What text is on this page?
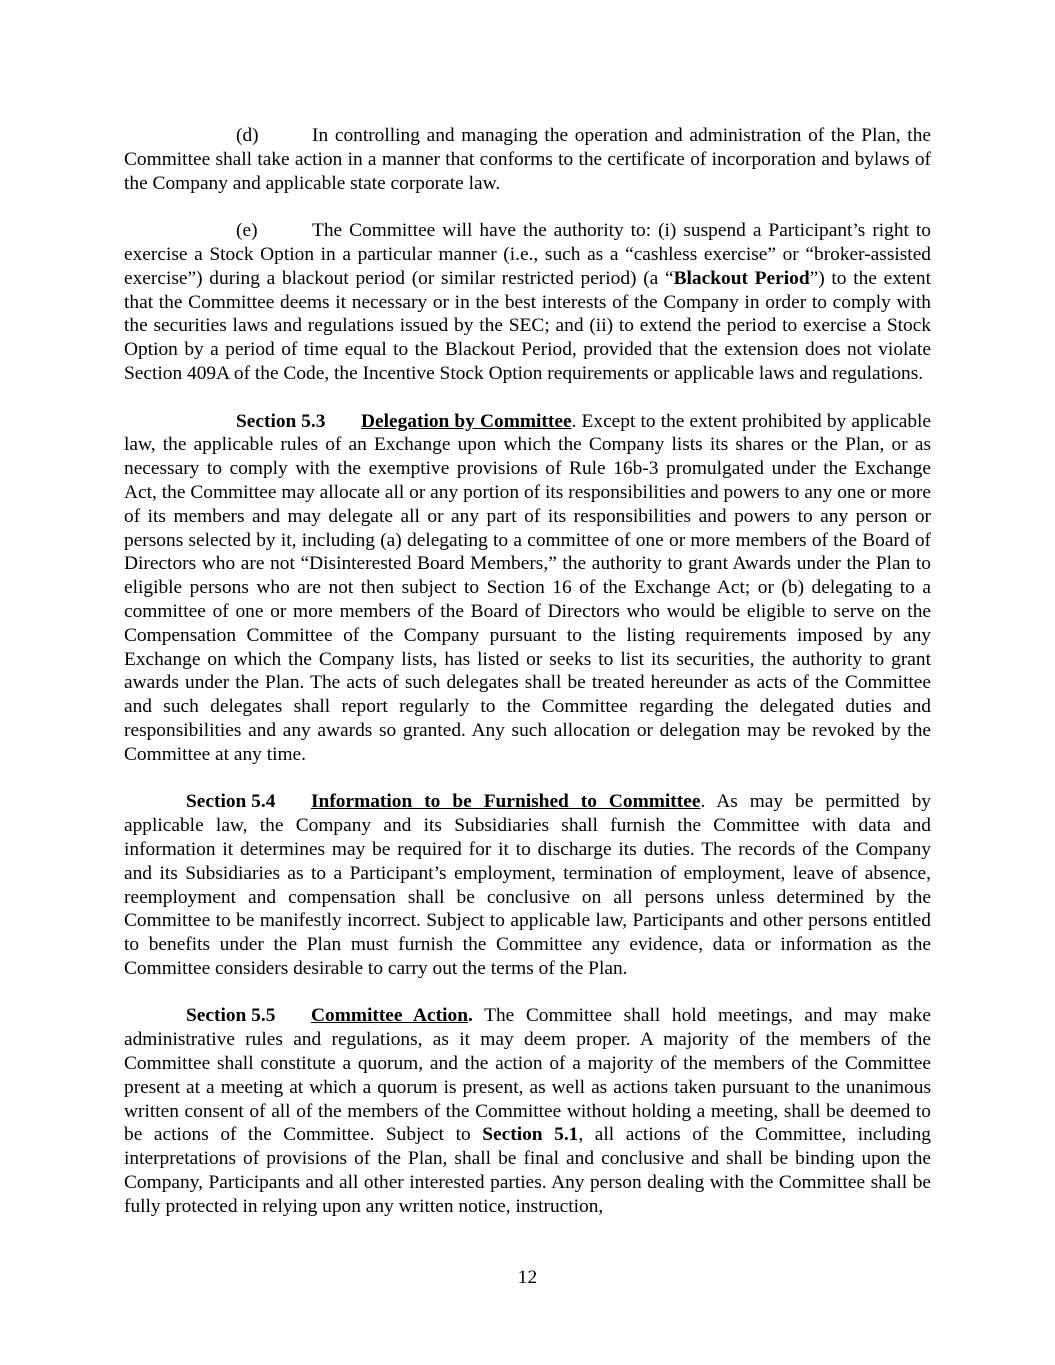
(d)	In controlling and managing the operation and administration of the Plan, the Committee shall take action in a manner that conforms to the certificate of incorporation and bylaws of the Company and applicable state corporate law.

(e)	The Committee will have the authority to: (i) suspend a Participant’s right to exercise a Stock Option in a particular manner (i.e., such as a “cashless exercise” or “broker-assisted exercise”) during a blackout period (or similar restricted period) (a “Blackout Period”) to the extent that the Committee deems it necessary or in the best interests of the Company in order to comply with the securities laws and regulations issued by the SEC; and (ii) to extend the period to exercise a Stock Option by a period of time equal to the Blackout Period, provided that the extension does not violate Section 409A of the Code, the Incentive Stock Option requirements or applicable laws and regulations.

Section 5.3 Delegation by Committee. Except to the extent prohibited by applicable law, the applicable rules of an Exchange upon which the Company lists its shares or the Plan, or as necessary to comply with the exemptive provisions of Rule 16b-3 promulgated under the Exchange Act, the Committee may allocate all or any portion of its responsibilities and powers to any one or more of its members and may delegate all or any part of its responsibilities and powers to any person or persons selected by it, including (a) delegating to a committee of one or more members of the Board of Directors who are not “Disinterested Board Members,” the authority to grant Awards under the Plan to eligible persons who are not then subject to Section 16 of the Exchange Act; or (b) delegating to a committee of one or more members of the Board of Directors who would be eligible to serve on the Compensation Committee of the Company pursuant to the listing requirements imposed by any Exchange on which the Company lists, has listed or seeks to list its securities, the authority to grant awards under the Plan. The acts of such delegates shall be treated hereunder as acts of the Committee and such delegates shall report regularly to the Committee regarding the delegated duties and responsibilities and any awards so granted. Any such allocation or delegation may be revoked by the Committee at any time.

Section 5.4 Information to be Furnished to Committee. As may be permitted by applicable law, the Company and its Subsidiaries shall furnish the Committee with data and information it determines may be required for it to discharge its duties. The records of the Company and its Subsidiaries as to a Participant’s employment, termination of employment, leave of absence, reemployment and compensation shall be conclusive on all persons unless determined by the Committee to be manifestly incorrect. Subject to applicable law, Participants and other persons entitled to benefits under the Plan must furnish the Committee any evidence, data or information as the Committee considers desirable to carry out the terms of the Plan.

Section 5.5 Committee Action. The Committee shall hold meetings, and may make administrative rules and regulations, as it may deem proper. A majority of the members of the Committee shall constitute a quorum, and the action of a majority of the members of the Committee present at a meeting at which a quorum is present, as well as actions taken pursuant to the unanimous written consent of all of the members of the Committee without holding a meeting, shall be deemed to be actions of the Committee. Subject to Section 5.1, all actions of the Committee, including interpretations of provisions of the Plan, shall be final and conclusive and shall be binding upon the Company, Participants and all other interested parties. Any person dealing with the Committee shall be fully protected in relying upon any written notice, instruction,

12
